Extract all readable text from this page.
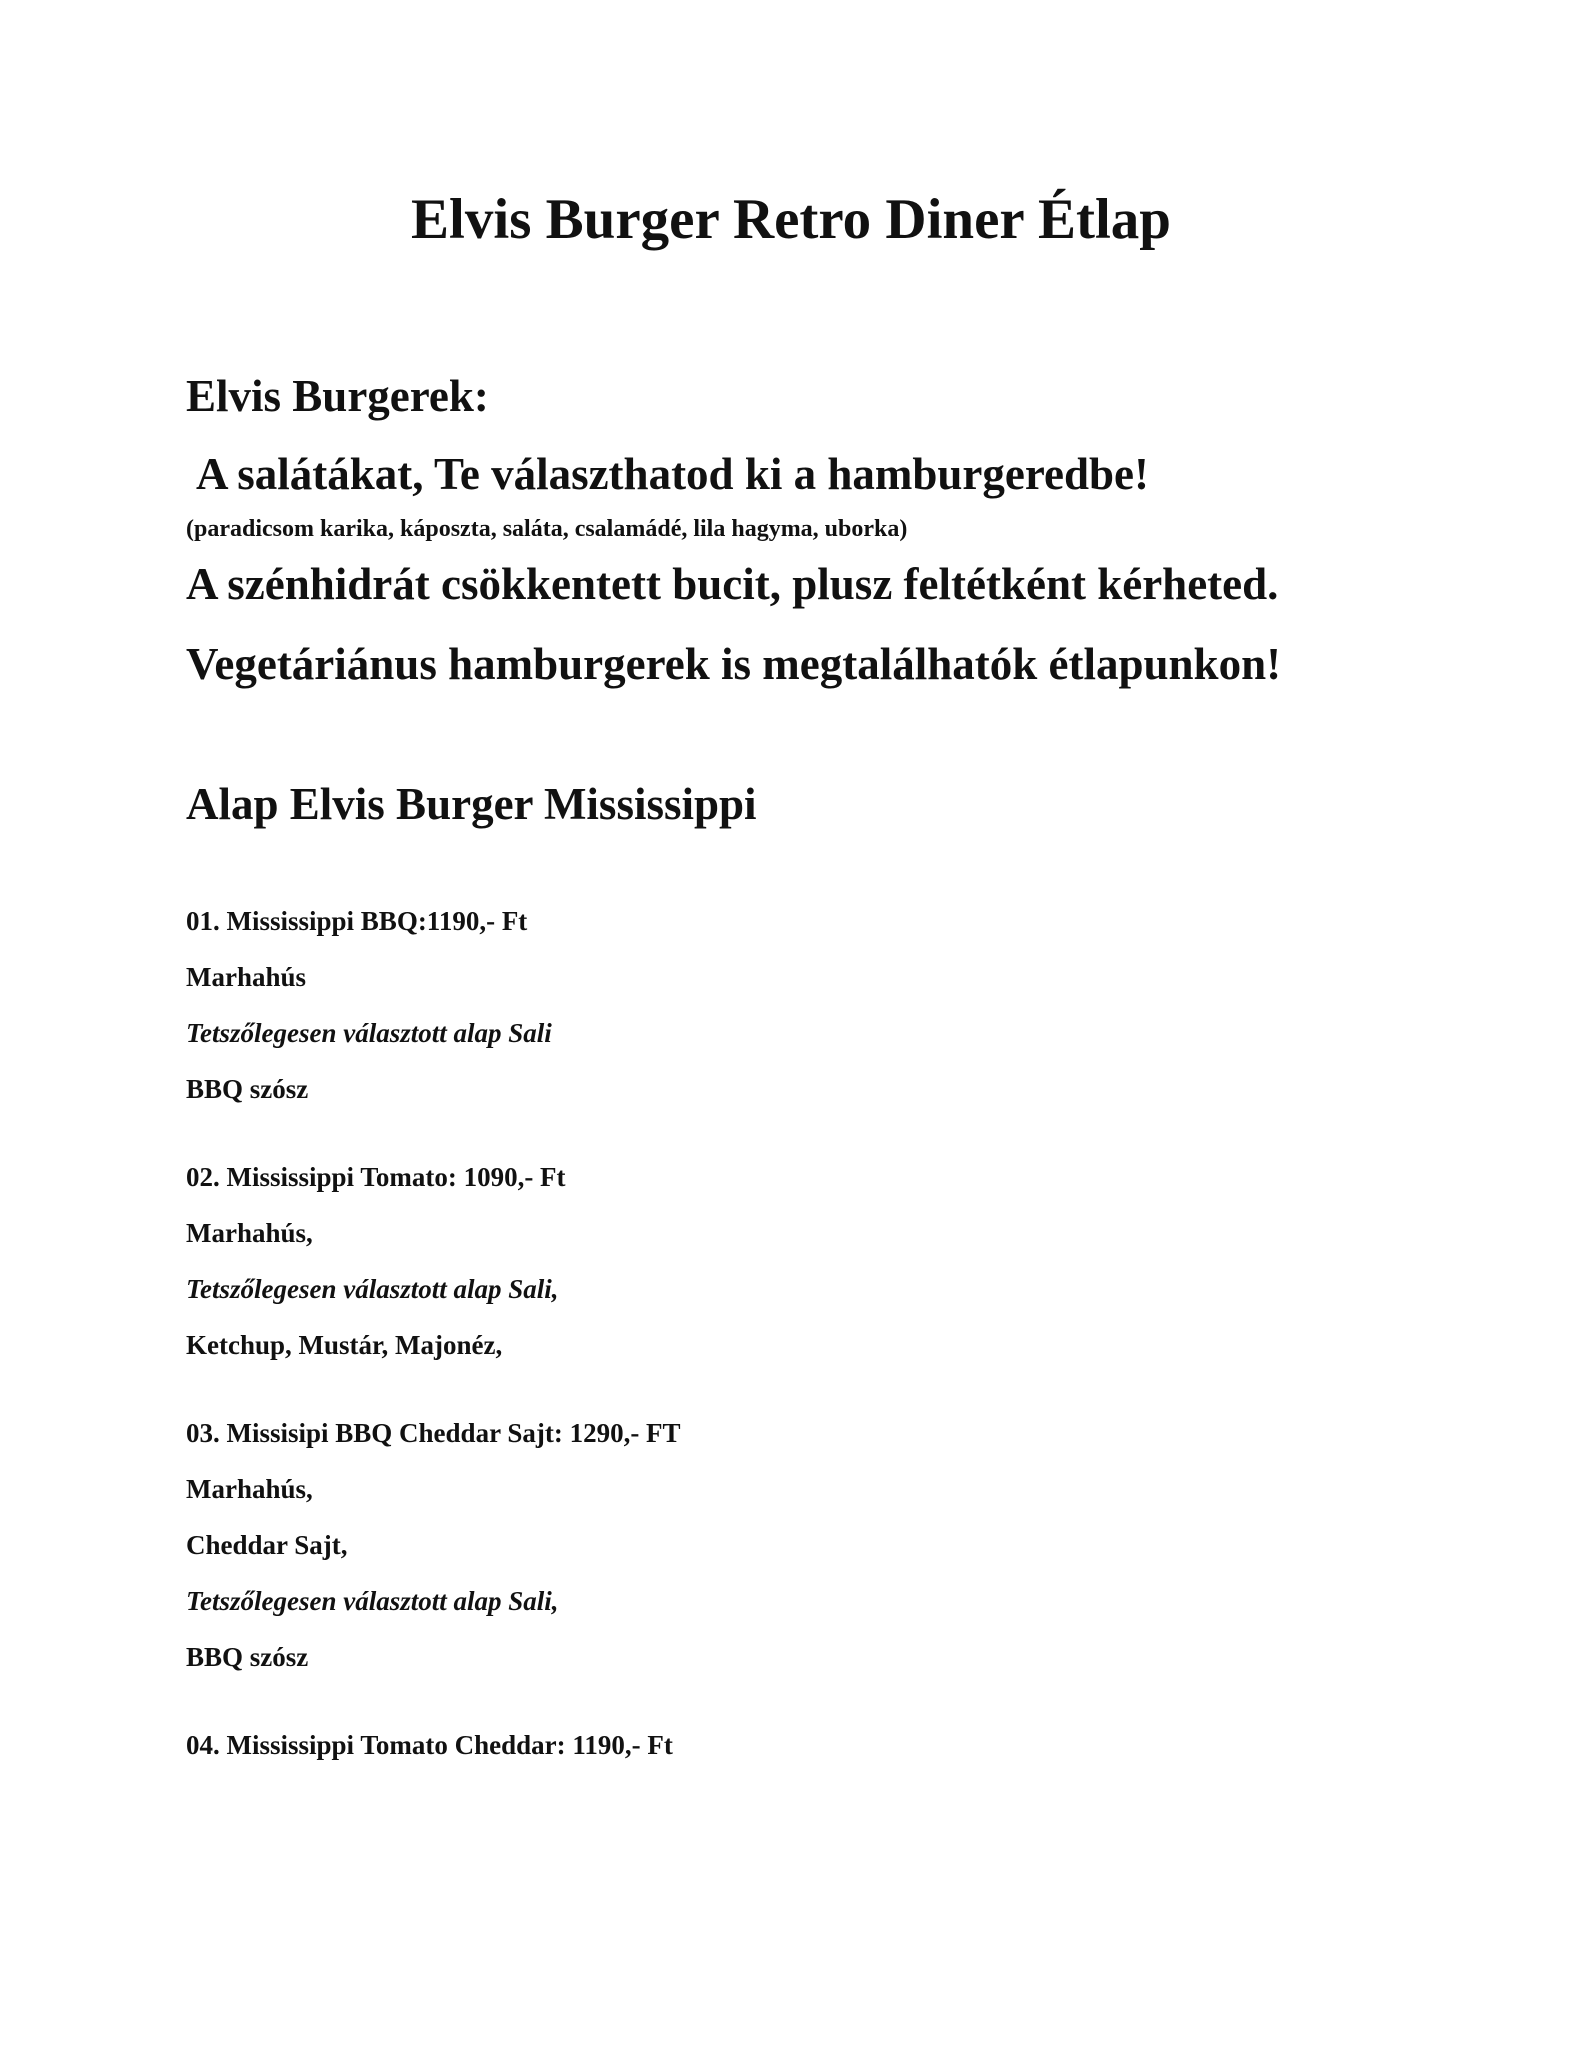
Elvis Burger Retro Diner Étlap
Elvis Burgerek:
A salátákat, Te választhatod ki a hamburgeredbe!
(paradicsom karika, káposzta, saláta, csalamádé, lila hagyma, uborka)
A szénhidrát csökkentett bucit, plusz feltétként kérheted.
Vegetáriánus hamburgerek is megtalálhatók étlapunkon!
Alap Elvis Burger Mississippi
01. Mississippi BBQ:1190,- Ft
Marhahús
Tetszőlegesen választott alap Sali
BBQ szósz
02. Mississippi Tomato: 1090,- Ft
Marhahús,
Tetszőlegesen választott alap Sali,
Ketchup, Mustár, Majonéz,
03. Missisipi BBQ Cheddar Sajt: 1290,- FT
Marhahús,
Cheddar Sajt,
Tetszőlegesen választott alap Sali,
BBQ szósz
04. Mississippi Tomato Cheddar: 1190,- Ft
